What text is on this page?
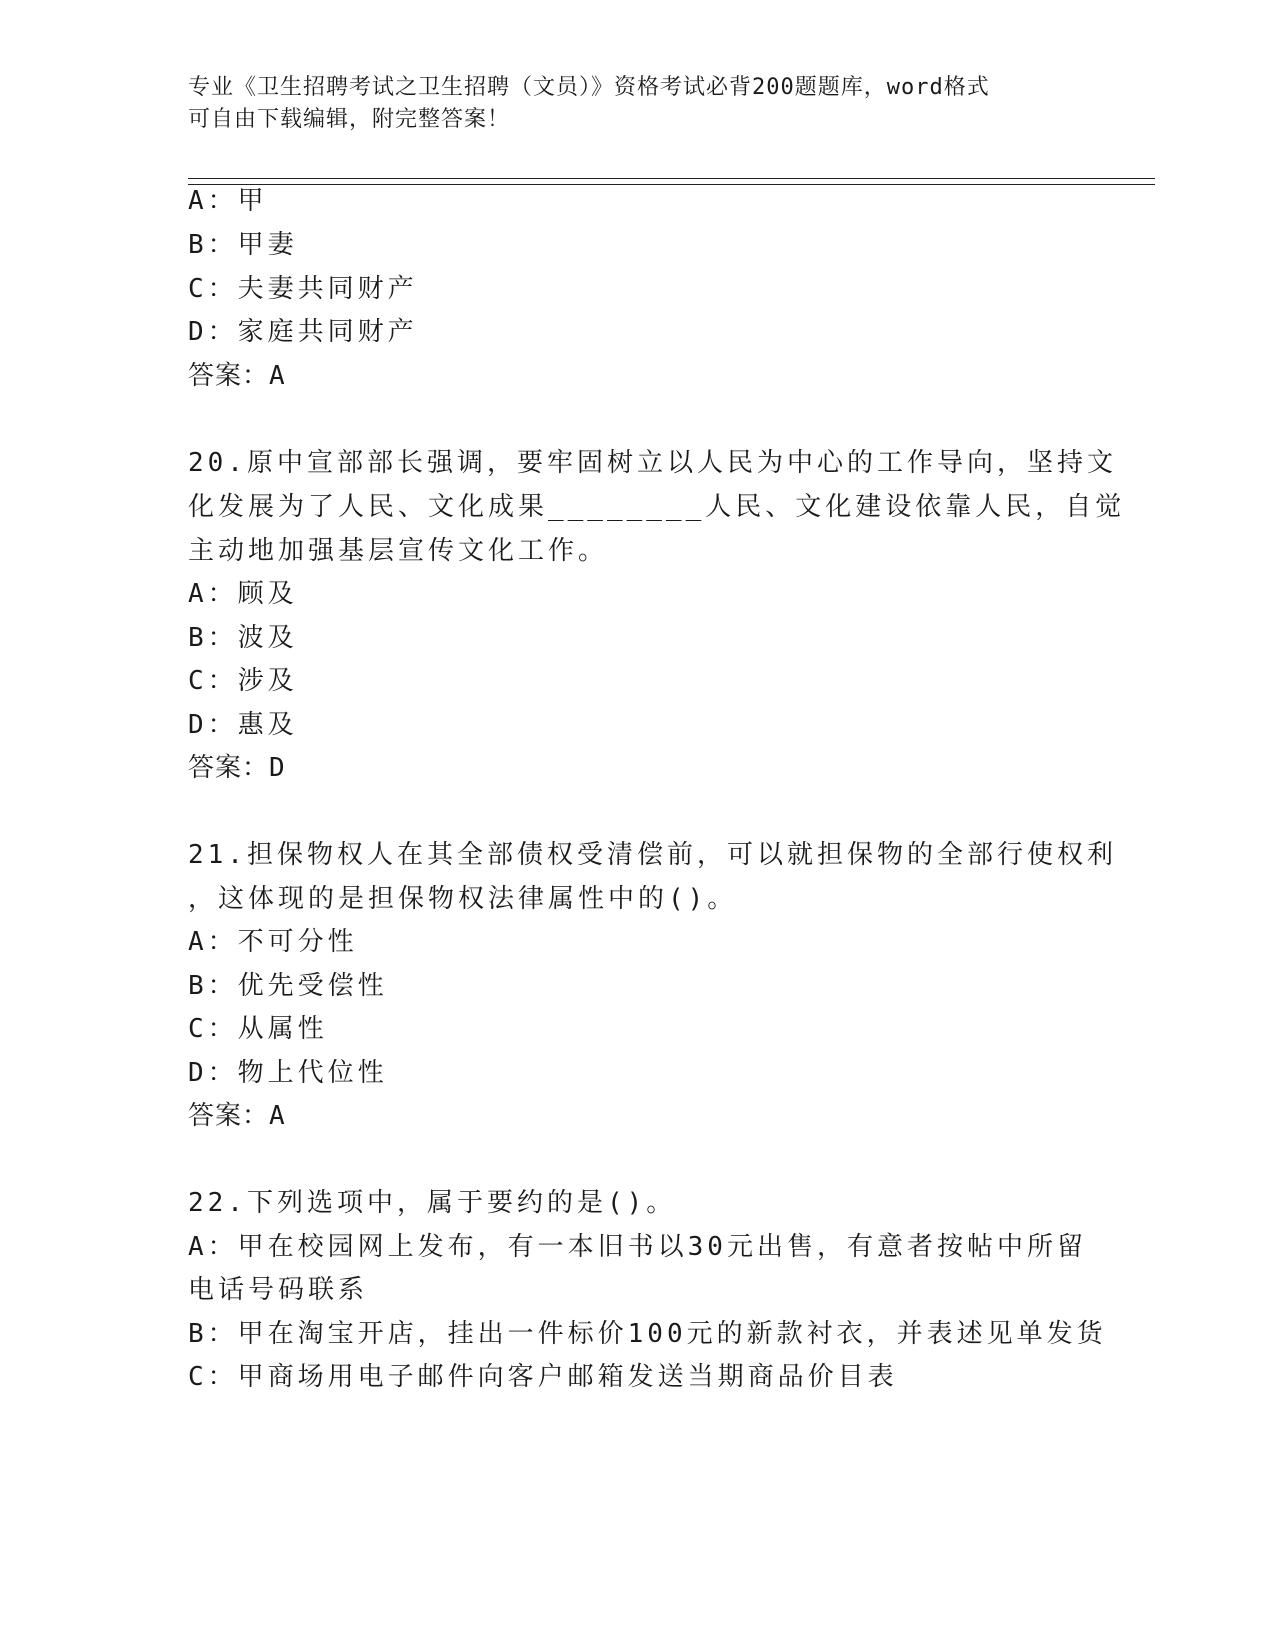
专业《卫生招聘考试之卫生招聘（文员）》资格考试必背200题题库，word格式
可自由下载编辑，附完整答案！
A：甲
B：甲妻
C：夫妻共同财产
D：家庭共同财产
答案：A
20.原中宣部部长强调，要牢固树立以人民为中心的工作导向，坚持文
化发展为了人民、文化成果________人民、文化建设依靠人民，自觉
主动地加强基层宣传文化工作。
A：顾及
B：波及
C：涉及
D：惠及
答案：D
21.担保物权人在其全部债权受清偿前，可以就担保物的全部行使权利
，这体现的是担保物权法律属性中的()。
A：不可分性
B：优先受偿性
C：从属性
D：物上代位性
答案：A
22.下列选项中，属于要约的是()。
A：甲在校园网上发布，有一本旧书以30元出售，有意者按帖中所留
电话号码联系
B：甲在淘宝开店，挂出一件标价100元的新款衬衣，并表述见单发货
C：甲商场用电子邮件向客户邮箱发送当期商品价目表
